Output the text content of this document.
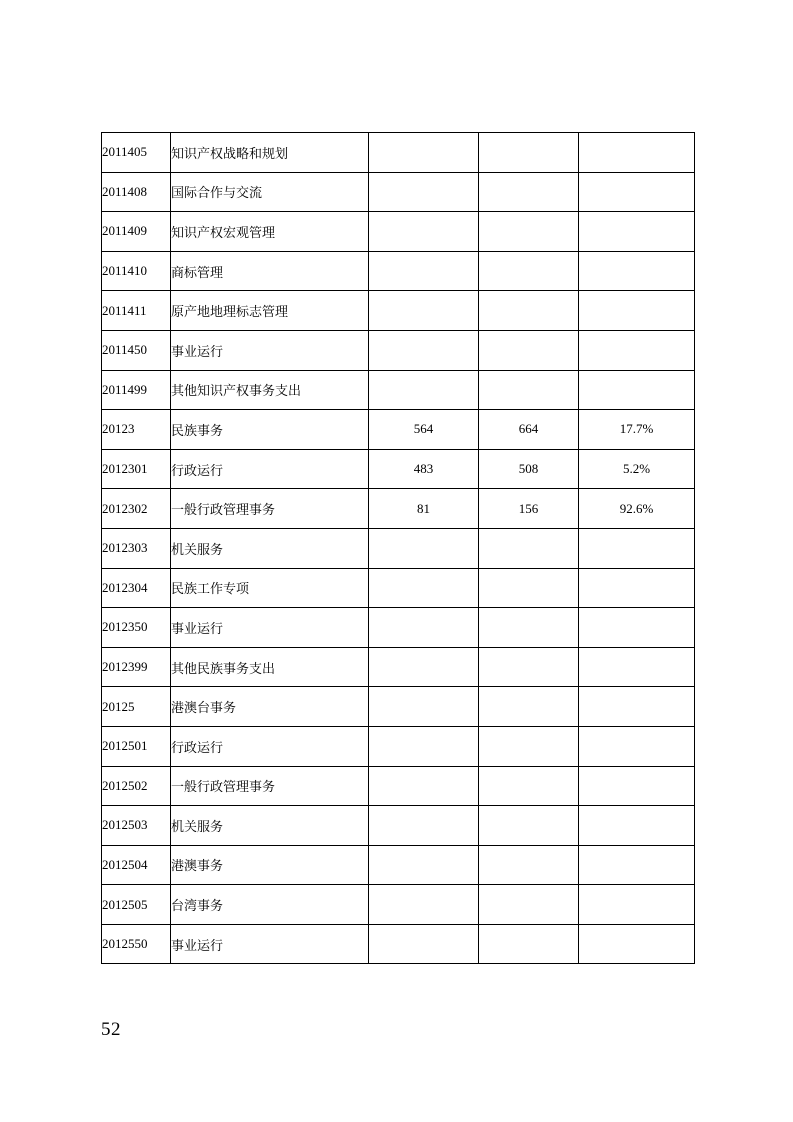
2011405	知识产权战略和规划			
2011408	国际合作与交流			
2011409	知识产权宏观管理			
2011410	商标管理			
2011411	原产地地理标志管理			
2011450	事业运行			
2011499	其他知识产权事务支出			
20123	民族事务	564	664	17.7%
2012301	行政运行	483	508	5.2%
2012302	一般行政管理事务	81	156	92.6%
2012303	机关服务			
2012304	民族工作专项			
2012350	事业运行			
2012399	其他民族事务支出			
20125	港澳台事务			
2012501	行政运行			
2012502	一般行政管理事务			
2012503	机关服务			
2012504	港澳事务			
2012505	台湾事务			
2012550	事业运行			
52
